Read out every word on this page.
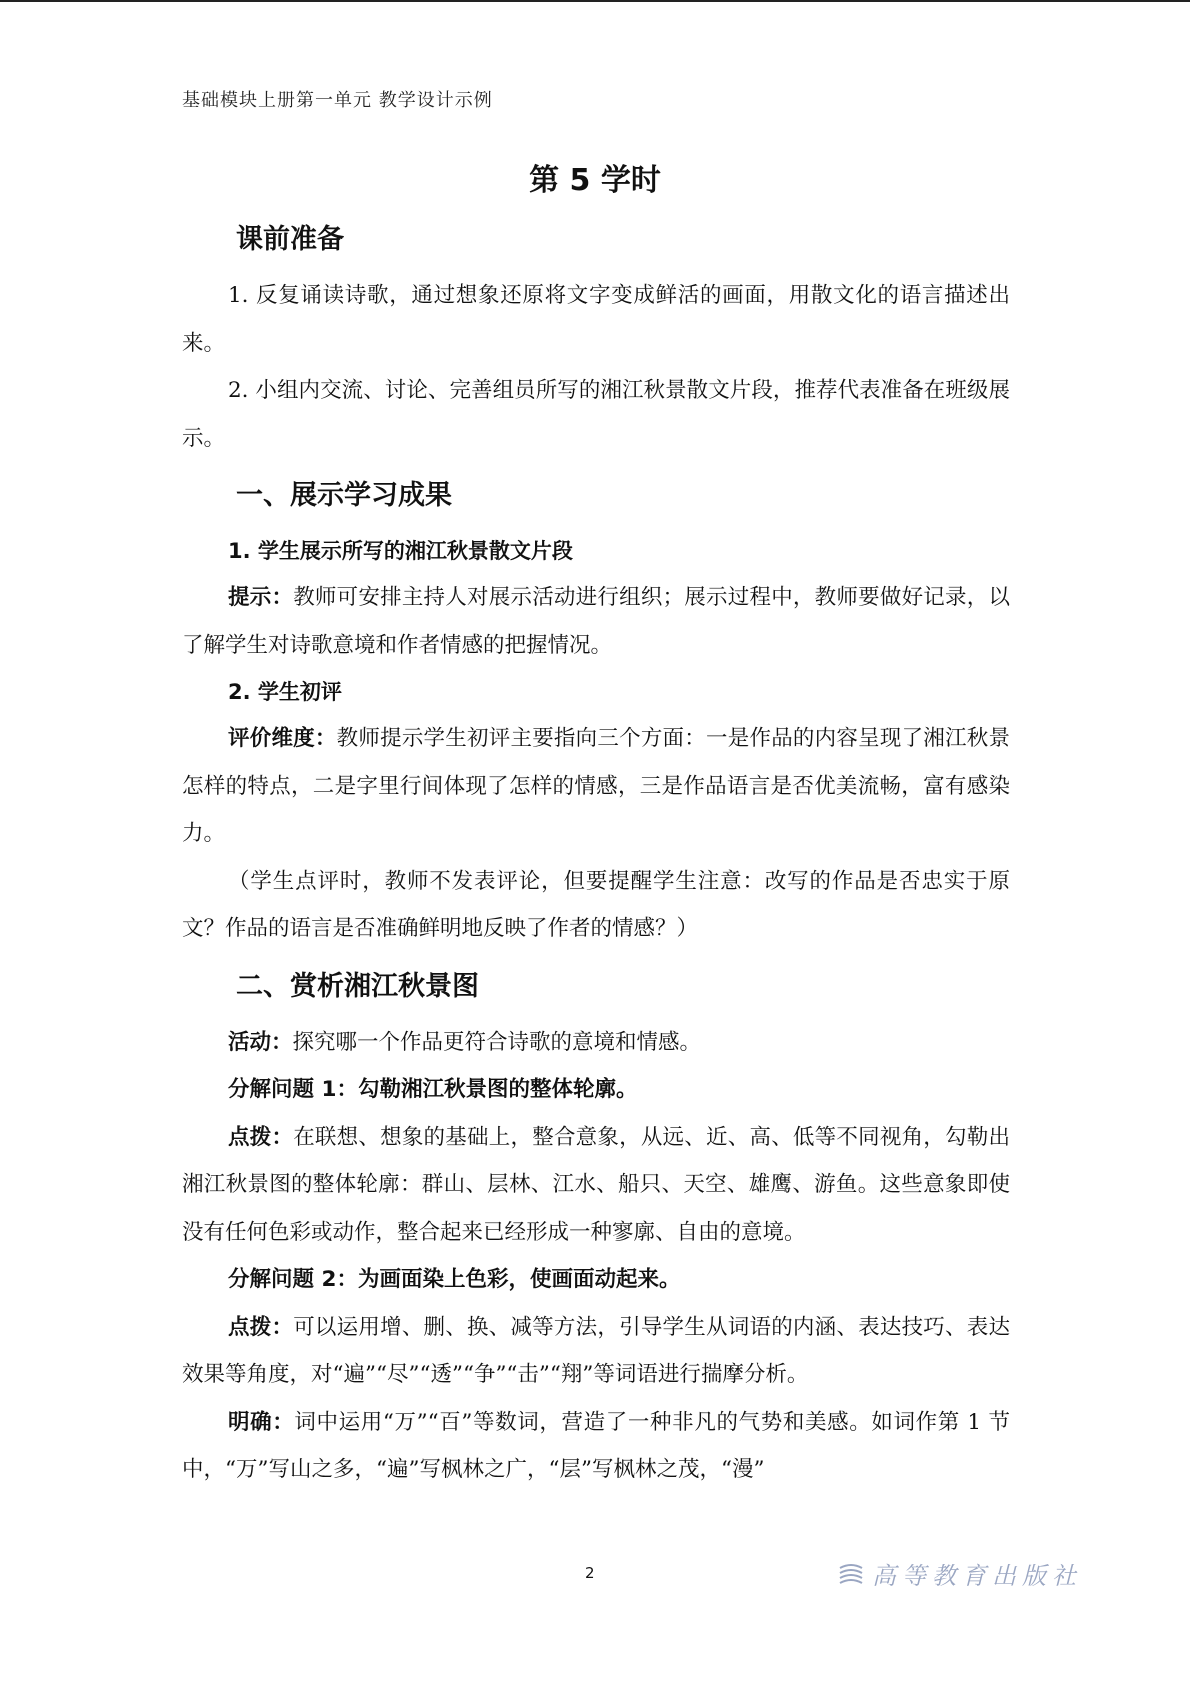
基础模块上册第一单元 教学设计示例
第 5 学时
课前准备

1. 反复诵读诗歌，通过想象还原将文字变成鲜活的画面，用散文化的语言描述出来。

2. 小组内交流、讨论、完善组员所写的湘江秋景散文片段，推荐代表准备在班级展示。

一、展示学习成果
1. 学生展示所写的湘江秋景散文片段

提示：教师可安排主持人对展示活动进行组织；展示过程中，教师要做好记录，以了解学生对诗歌意境和作者情感的把握情况。

2. 学生初评

评价维度：教师提示学生初评主要指向三个方面：一是作品的内容呈现了湘江秋景怎样的特点，二是字里行间体现了怎样的情感，三是作品语言是否优美流畅，富有感染力。

（学生点评时，教师不发表评论，但要提醒学生注意：改写的作品是否忠实于原文？作品的语言是否准确鲜明地反映了作者的情感？）

二、赏析湘江秋景图

活动：探究哪一个作品更符合诗歌的意境和情感。

分解问题 1：勾勒湘江秋景图的整体轮廓。

点拨：在联想、想象的基础上，整合意象，从远、近、高、低等不同视角，勾勒出湘江秋景图的整体轮廓：群山、层林、江水、船只、天空、雄鹰、游鱼。这些意象即使没有任何色彩或动作，整合起来已经形成一种寥廓、自由的意境。

分解问题 2：为画面染上色彩，使画面动起来。

点拨：可以运用增、删、换、减等方法，引导学生从词语的内涵、表达技巧、表达效果等角度，对“遍”“尽”“透”“争”“击”“翔”等词语进行揣摩分析。

明确：词中运用“万”“百”等数词，营造了一种非凡的气势和美感。如词作第 1 节中，“万”写山之多，“遍”写枫林之广，“层”写枫林之茂，“漫”

2	高等教育出版社
